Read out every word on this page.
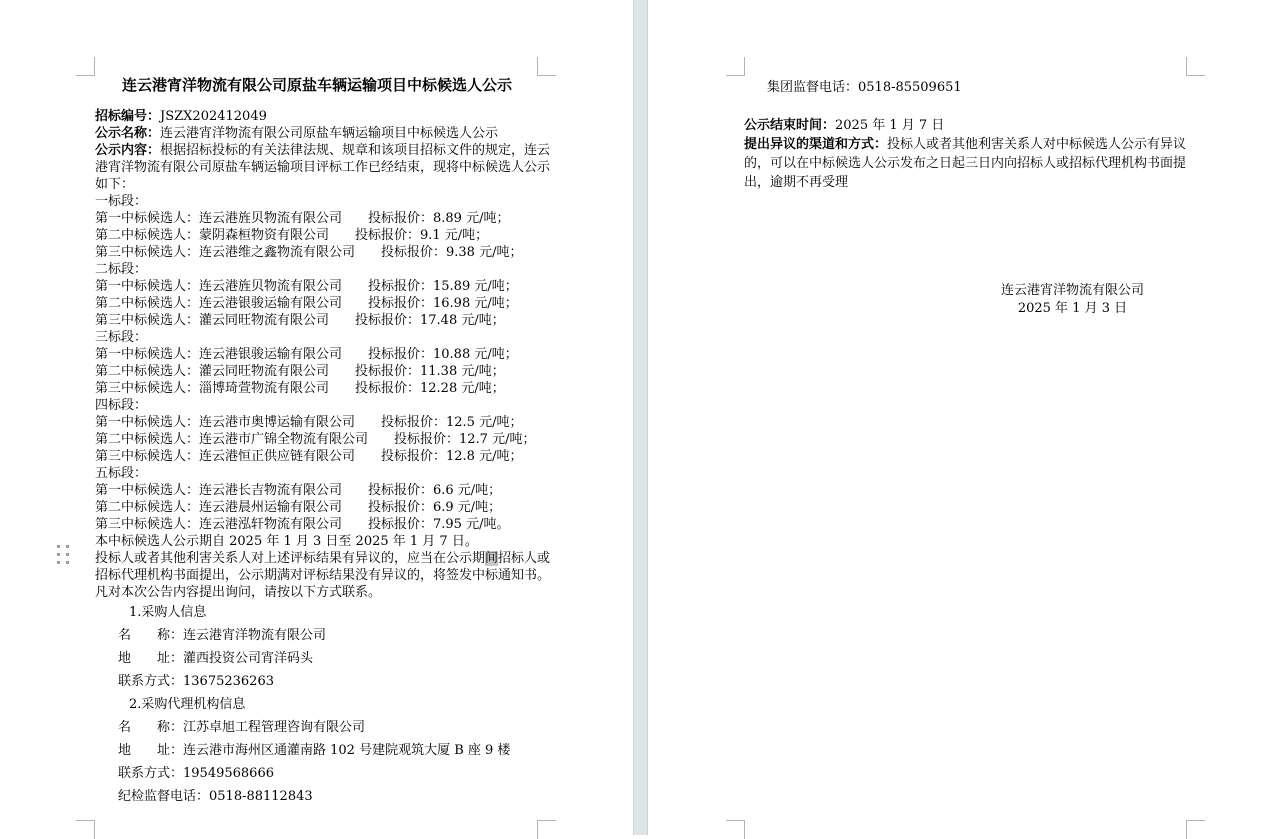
连云港宵洋物流有限公司原盐车辆运输项目中标候选人公示
招标编号：JSZX202412049
公示名称：连云港宵洋物流有限公司原盐车辆运输项目中标候选人公示
公示内容：根据招标投标的有关法律法规、规章和该项目招标文件的规定，连云
港宵洋物流有限公司原盐车辆运输项目评标工作已经结束，现将中标候选人公示
如下：
一标段：
第一中标候选人：连云港旌贝物流有限公司　　投标报价：8.89 元/吨；
第二中标候选人：蒙阴森桓物资有限公司　　投标报价：9.1 元/吨；
第三中标候选人：连云港维之鑫物流有限公司　　投标报价：9.38 元/吨；
二标段：
第一中标候选人：连云港旌贝物流有限公司　　投标报价：15.89 元/吨；
第二中标候选人：连云港银骏运输有限公司　　投标报价：16.98 元/吨；
第三中标候选人：灌云同旺物流有限公司　　投标报价：17.48 元/吨；
三标段：
第一中标候选人：连云港银骏运输有限公司　　投标报价：10.88 元/吨；
第二中标候选人：灌云同旺物流有限公司　　投标报价：11.38 元/吨；
第三中标候选人：淄博琦萱物流有限公司　　投标报价：12.28 元/吨；
四标段：
第一中标候选人：连云港市奥博运输有限公司　　投标报价：12.5 元/吨；
第二中标候选人：连云港市广锦全物流有限公司　　投标报价：12.7 元/吨；
第三中标候选人：连云港恒正供应链有限公司　　投标报价：12.8 元/吨；
五标段：
第一中标候选人：连云港长吉物流有限公司　　投标报价：6.6 元/吨；
第二中标候选人：连云港晨州运输有限公司　　投标报价：6.9 元/吨；
第三中标候选人：连云港泓轩物流有限公司　　投标报价：7.95 元/吨。
本中标候选人公示期自 2025 年 1 月 3 日至 2025 年 1 月 7 日。
投标人或者其他利害关系人对上述评标结果有异议的，应当在公示期间招标人或
招标代理机构书面提出，公示期满对评标结果没有异议的，将签发中标通知书。
凡对本次公告内容提出询问，请按以下方式联系。
1.采购人信息
名　　称：连云港宵洋物流有限公司
地　　址：灌西投资公司宵洋码头
联系方式：13675236263
2.采购代理机构信息
名　　称：江苏卓旭工程管理咨询有限公司
地　　址：连云港市海州区通灌南路 102 号建院观筑大厦 B 座 9 楼
联系方式：19549568666
纪检监督电话：0518-88112843
集团监督电话：0518-85509651
公示结束时间：2025 年 1 月 7 日
提出异议的渠道和方式：投标人或者其他利害关系人对中标候选人公示有异议
的，可以在中标候选人公示发布之日起三日内向招标人或招标代理机构书面提
出，逾期不再受理
连云港宵洋物流有限公司
2025 年 1 月 3 日
